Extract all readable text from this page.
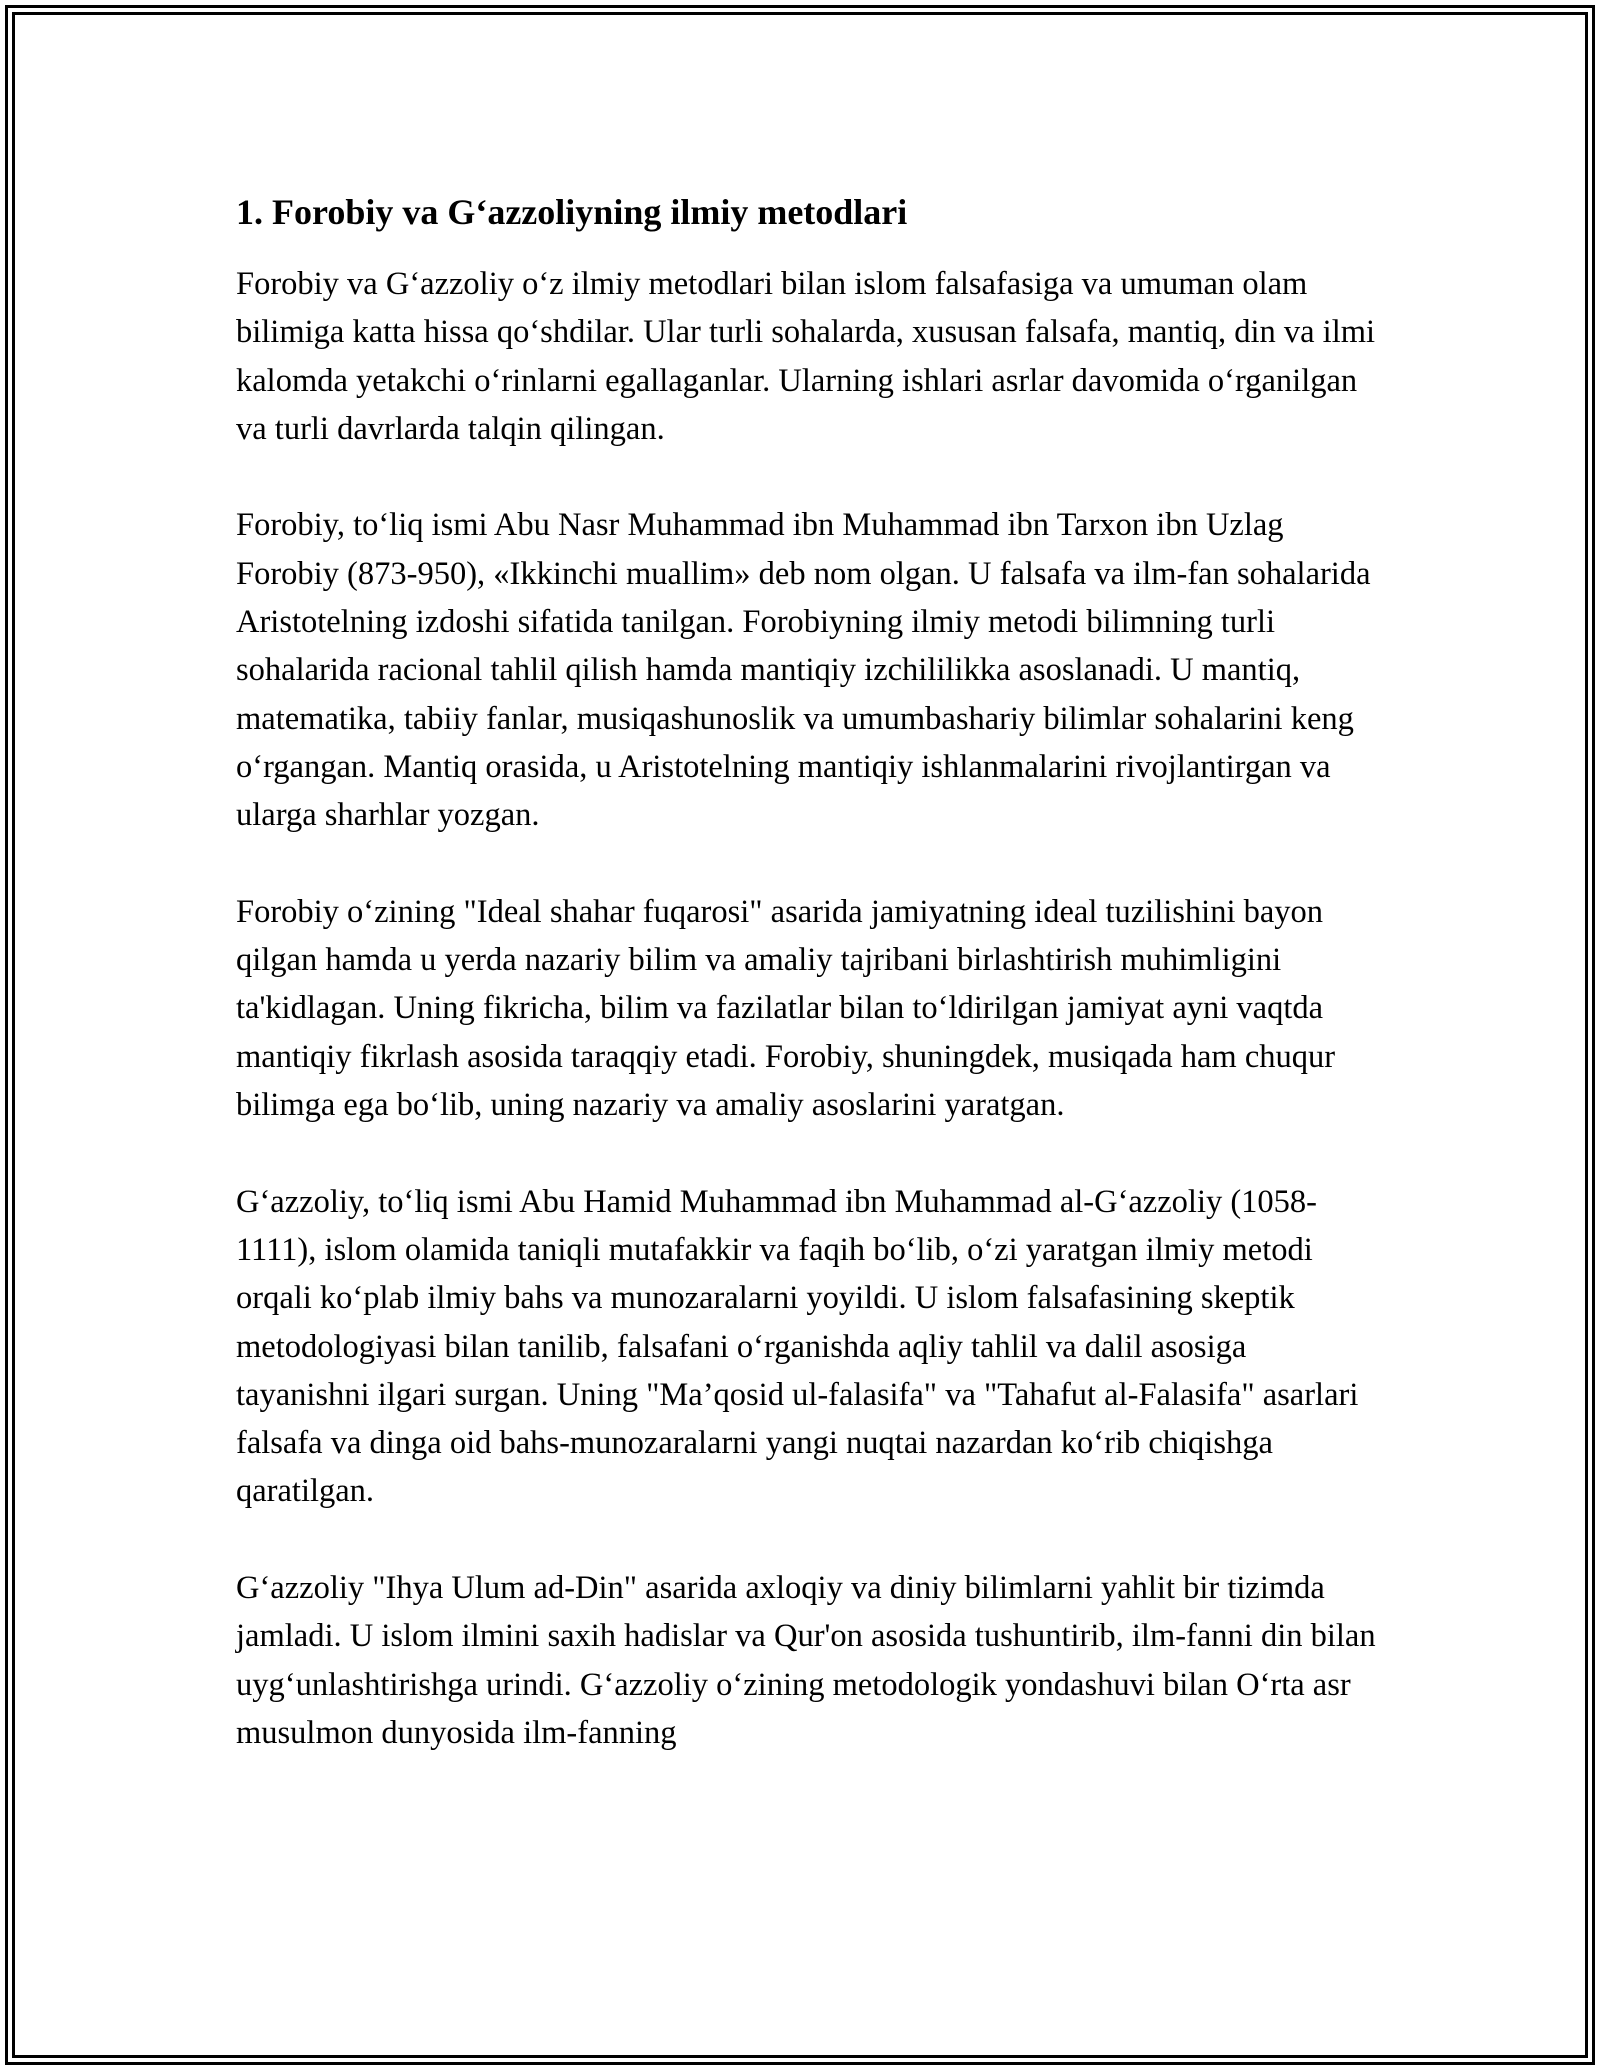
1. Forobiy va G‘azzoliyning ilmiy metodlari

Forobiy va G‘azzoliy o‘z ilmiy metodlari bilan islom falsafasiga va umuman olam bilimiga katta hissa qo‘shdilar. Ular turli sohalarda, xususan falsafa, mantiq, din va ilmi kalomda yetakchi o‘rinlarni egallaganlar. Ularning ishlari asrlar davomida o‘rganilgan va turli davrlarda talqin qilingan.

Forobiy, to‘liq ismi Abu Nasr Muhammad ibn Muhammad ibn Tarxon ibn Uzlag Forobiy (873-950), «Ikkinchi muallim» deb nom olgan. U falsafa va ilm-fan sohalarida Aristotelning izdoshi sifatida tanilgan. Forobiyning ilmiy metodi bilimning turli sohalarida racional tahlil qilish hamda mantiqiy izchililikka asoslanadi. U mantiq, matematika, tabiiy fanlar, musiqashunoslik va umumbashariy bilimlar sohalarini keng o‘rgangan. Mantiq orasida, u Aristotelning mantiqiy ishlanmalarini rivojlantirgan va ularga sharhlar yozgan.

Forobiy o‘zining "Ideal shahar fuqarosi" asarida jamiyatning ideal tuzilishini bayon qilgan hamda u yerda nazariy bilim va amaliy tajribani birlashtirish muhimligini ta'kidlagan. Uning fikricha, bilim va fazilatlar bilan to‘ldirilgan jamiyat ayni vaqtda mantiqiy fikrlash asosida taraqqiy etadi. Forobiy, shuningdek, musiqada ham chuqur bilimga ega bo‘lib, uning nazariy va amaliy asoslarini yaratgan.

G‘azzoliy, to‘liq ismi Abu Hamid Muhammad ibn Muhammad al-G‘azzoliy (1058-1111), islom olamida taniqli mutafakkir va faqih bo‘lib, o‘zi yaratgan ilmiy metodi orqali ko‘plab ilmiy bahs va munozaralarni yoyildi. U islom falsafasining skeptik metodologiyasi bilan tanilib, falsafani o‘rganishda aqliy tahlil va dalil asosiga tayanishni ilgari surgan. Uning "Ma’qosid ul-falasifa" va "Tahafut al-Falasifa" asarlari falsafa va dinga oid bahs-munozaralarni yangi nuqtai nazardan ko‘rib chiqishga qaratilgan.

G‘azzoliy "Ihya Ulum ad-Din" asarida axloqiy va diniy bilimlarni yahlit bir tizimda jamladi. U islom ilmini saxih hadislar va Qur'on asosida tushuntirib, ilm-fanni din bilan uyg‘unlashtirishga urindi. G‘azzoliy o‘zining metodologik yondashuvi bilan O‘rta asr musulmon dunyosida ilm-fanning
